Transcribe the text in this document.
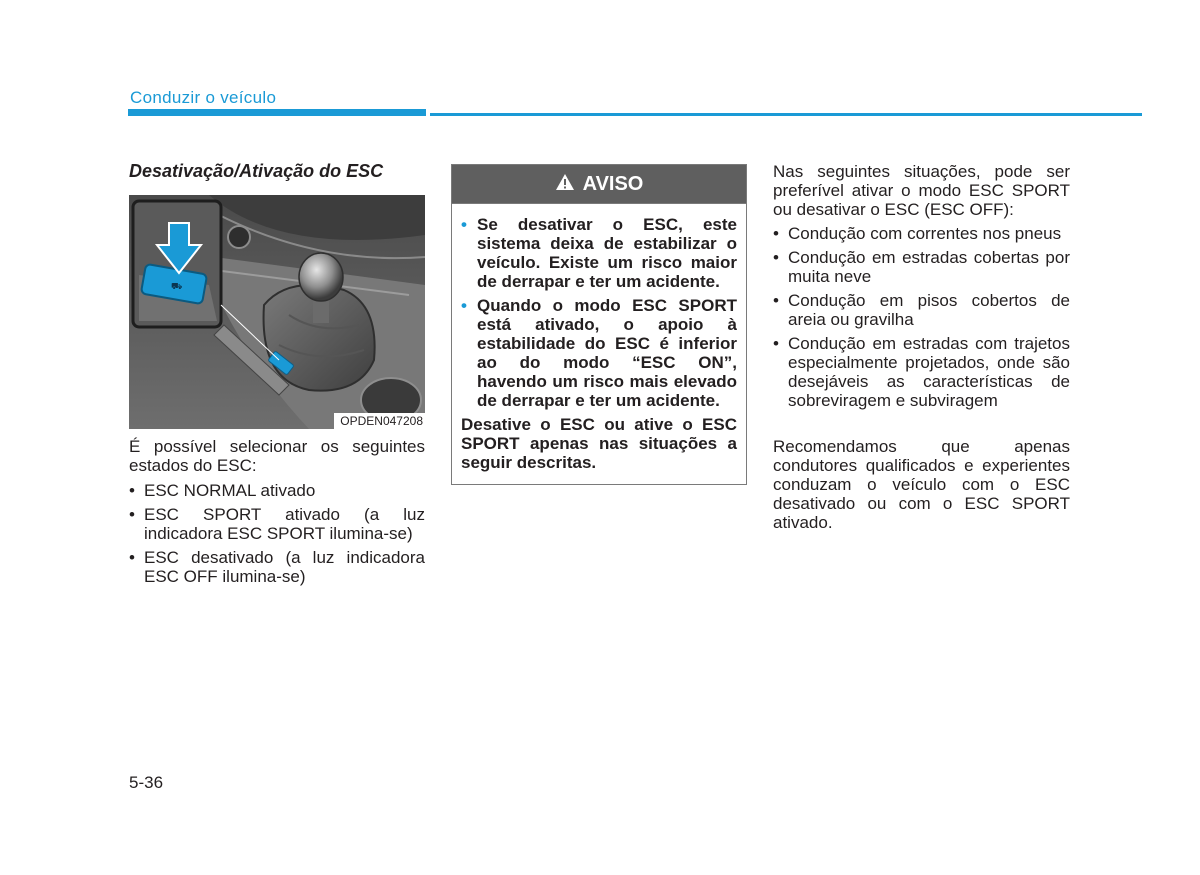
Conduzir o veículo
Desativação/Ativação do ESC
⛟
OPDEN047208
É possível selecionar os seguintes estados do ESC:
• ESC NORMAL ativado
• ESC SPORT ativado (a luz indicadora ESC SPORT ilumina-se)
• ESC desativado (a luz indicadora ESC OFF ilumina-se)
AVISO
• Se desativar o ESC, este sistema deixa de estabilizar o veículo. Existe um risco maior de derrapar e ter um acidente.
• Quando o modo ESC SPORT está ativado, o apoio à estabilidade do ESC é inferior ao do modo “ESC ON”, havendo um risco mais elevado de derrapar e ter um acidente.
Desative o ESC ou ative o ESC SPORT apenas nas situações a seguir descritas.
Nas seguintes situações, pode ser preferível ativar o modo ESC SPORT ou desativar o ESC (ESC OFF):
• Condução com correntes nos pneus
• Condução em estradas cobertas por muita neve
• Condução em pisos cobertos de areia ou gravilha
• Condução em estradas com trajetos especialmente projetados, onde são desejáveis as características de sobreviragem e subviragem
Recomendamos que apenas condutores qualificados e experientes conduzam o veículo com o ESC desativado ou com o ESC SPORT ativado.
5-36
